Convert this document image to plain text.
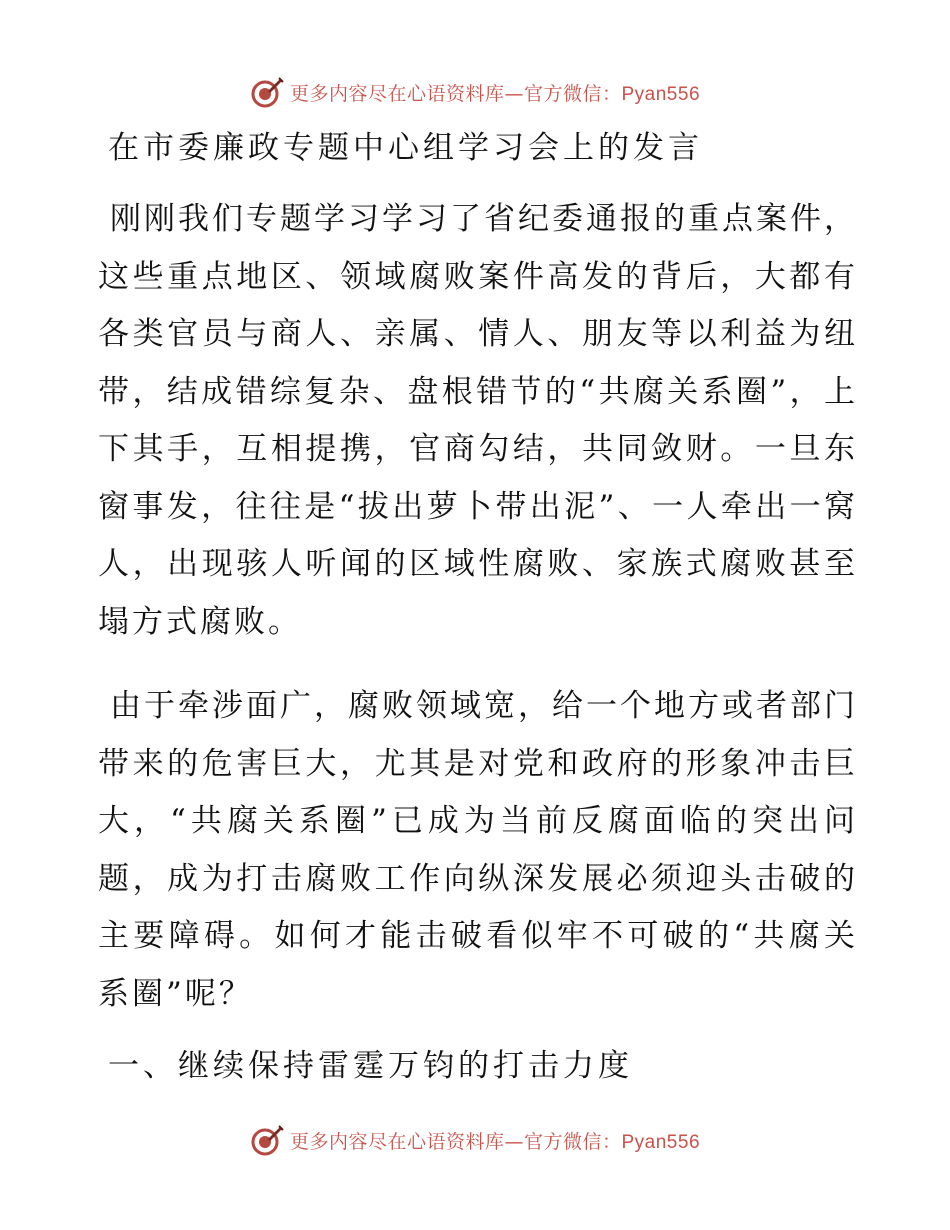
更多内容尽在心语资料库—官方微信：Pyan556
在市委廉政专题中心组学习会上的发言

刚刚我们专题学习学习了省纪委通报的重点案件，这些重点地区、领域腐败案件高发的背后，大都有各类官员与商人、亲属、情人、朋友等以利益为纽带，结成错综复杂、盘根错节的“共腐关系圈”，上下其手，互相提携，官商勾结，共同敛财。一旦东窗事发，往往是“拔出萝卜带出泥”、一人牵出一窝人，出现骇人听闻的区域性腐败、家族式腐败甚至塌方式腐败。

由于牵涉面广，腐败领域宽，给一个地方或者部门带来的危害巨大，尤其是对党和政府的形象冲击巨大，“共腐关系圈”已成为当前反腐面临的突出问题，成为打击腐败工作向纵深发展必须迎头击破的主要障碍。如何才能击破看似牢不可破的“共腐关系圈”呢？

一、继续保持雷霆万钧的打击力度
更多内容尽在心语资料库—官方微信：Pyan556
